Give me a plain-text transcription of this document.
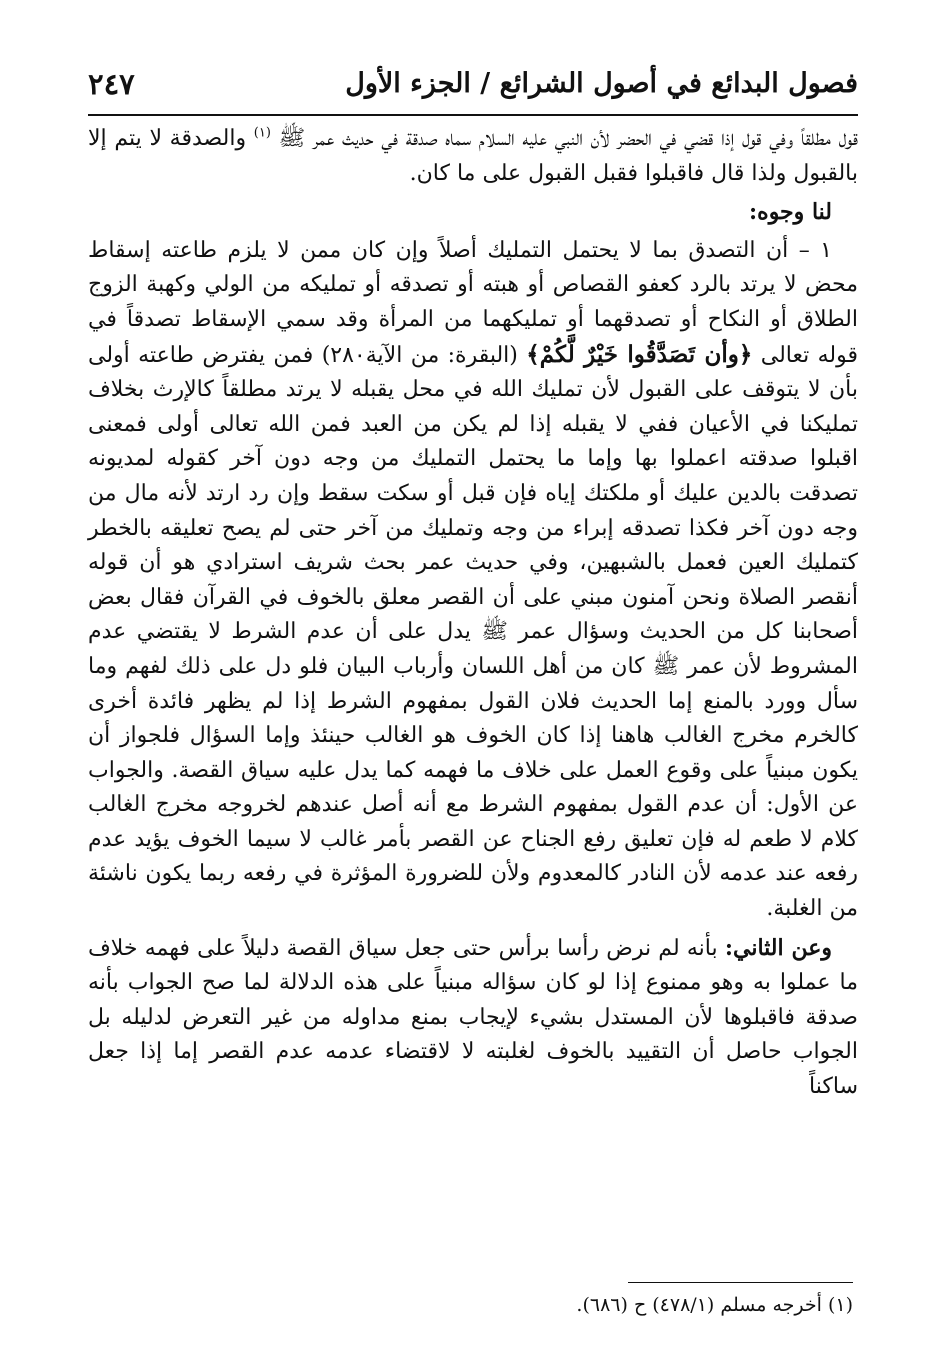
فصول البدائع في أصول الشرائع / الجزء الأول
٢٤٧

قول مطلقاً وفي قول إذا قضي في الحضر لأن النبي عليه السلام سماه صدقة في حديث عمر ﷺ $^{(١)}$ والصدقة لا يتم إلا بالقبول ولذا قال فاقبلوا فقبل القبول على ما كان.

لنا وجوه:

١ – أن التصدق بما لا يحتمل التمليك أصلاً وإن كان ممن لا يلزم طاعته إسقاط محض لا يرتد بالرد كعفو القصاص أو هبته أو تصدقه أو تمليكه من الولي وكهبة الزوج الطلاق أو النكاح أو تصدقهما أو تمليكهما من المرأة وقد سمي الإسقاط تصدقاً في قوله تعالى ﴿وأن تَصَدَّقُوا خَيْرٌ لَّكُمْ﴾ (البقرة: من الآية٢٨٠) فمن يفترض طاعته أولى بأن لا يتوقف على القبول لأن تمليك الله في محل يقبله لا يرتد مطلقاً كالإرث بخلاف تمليكنا في الأعيان ففي لا يقبله إذا لم يكن من العبد فمن الله تعالى أولى فمعنى اقبلوا صدقته اعملوا بها وإما ما يحتمل التمليك من وجه دون آخر كقوله لمديونه تصدقت بالدين عليك أو ملكتك إياه فإن قبل أو سكت سقط وإن رد ارتد لأنه مال من وجه دون آخر فكذا تصدقه إبراء من وجه وتمليك من آخر حتى لم يصح تعليقه بالخطر كتمليك العين فعمل بالشبهين، وفي حديث عمر بحث شريف استرادي هو أن قوله أنقصر الصلاة ونحن آمنون مبني على أن القصر معلق بالخوف في القرآن فقال بعض أصحابنا كل من الحديث وسؤال عمر ﷺ يدل على أن عدم الشرط لا يقتضي عدم المشروط لأن عمر ﷺ كان من أهل اللسان وأرباب البيان فلو دل على ذلك لفهم وما سأل وورد بالمنع إما الحديث فلان القول بمفهوم الشرط إذا لم يظهر فائدة أخرى كالخرم مخرج الغالب هاهنا إذا كان الخوف هو الغالب حينئذ وإما السؤال فلجواز أن يكون مبنياً على وقوع العمل على خلاف ما فهمه كما يدل عليه سياق القصة. والجواب عن الأول: أن عدم القول بمفهوم الشرط مع أنه أصل عندهم لخروجه مخرج الغالب كلام لا طعم له فإن تعليق رفع الجناح عن القصر بأمر غالب لا سيما الخوف يؤيد عدم رفعه عند عدمه لأن النادر كالمعدوم ولأن للضرورة المؤثرة في رفعه ربما يكون ناشئة من الغلبة.

وعن الثاني: بأنه لم نرض رأسا برأس حتى جعل سياق القصة دليلاً على فهمه خلاف ما عملوا به وهو ممنوع إذا لو كان سؤاله مبنياً على هذه الدلالة لما صح الجواب بأنه صدقة فاقبلوها لأن المستدل بشيء لإيجاب بمنع مداوله من غير التعرض لدليله بل الجواب حاصل أن التقييد بالخوف لغلبته لا لاقتضاء عدمه عدم القصر إما إذا جعل ساكناً

(١) أخرجه مسلم (٤٧٨/١) ح (٦٨٦).
